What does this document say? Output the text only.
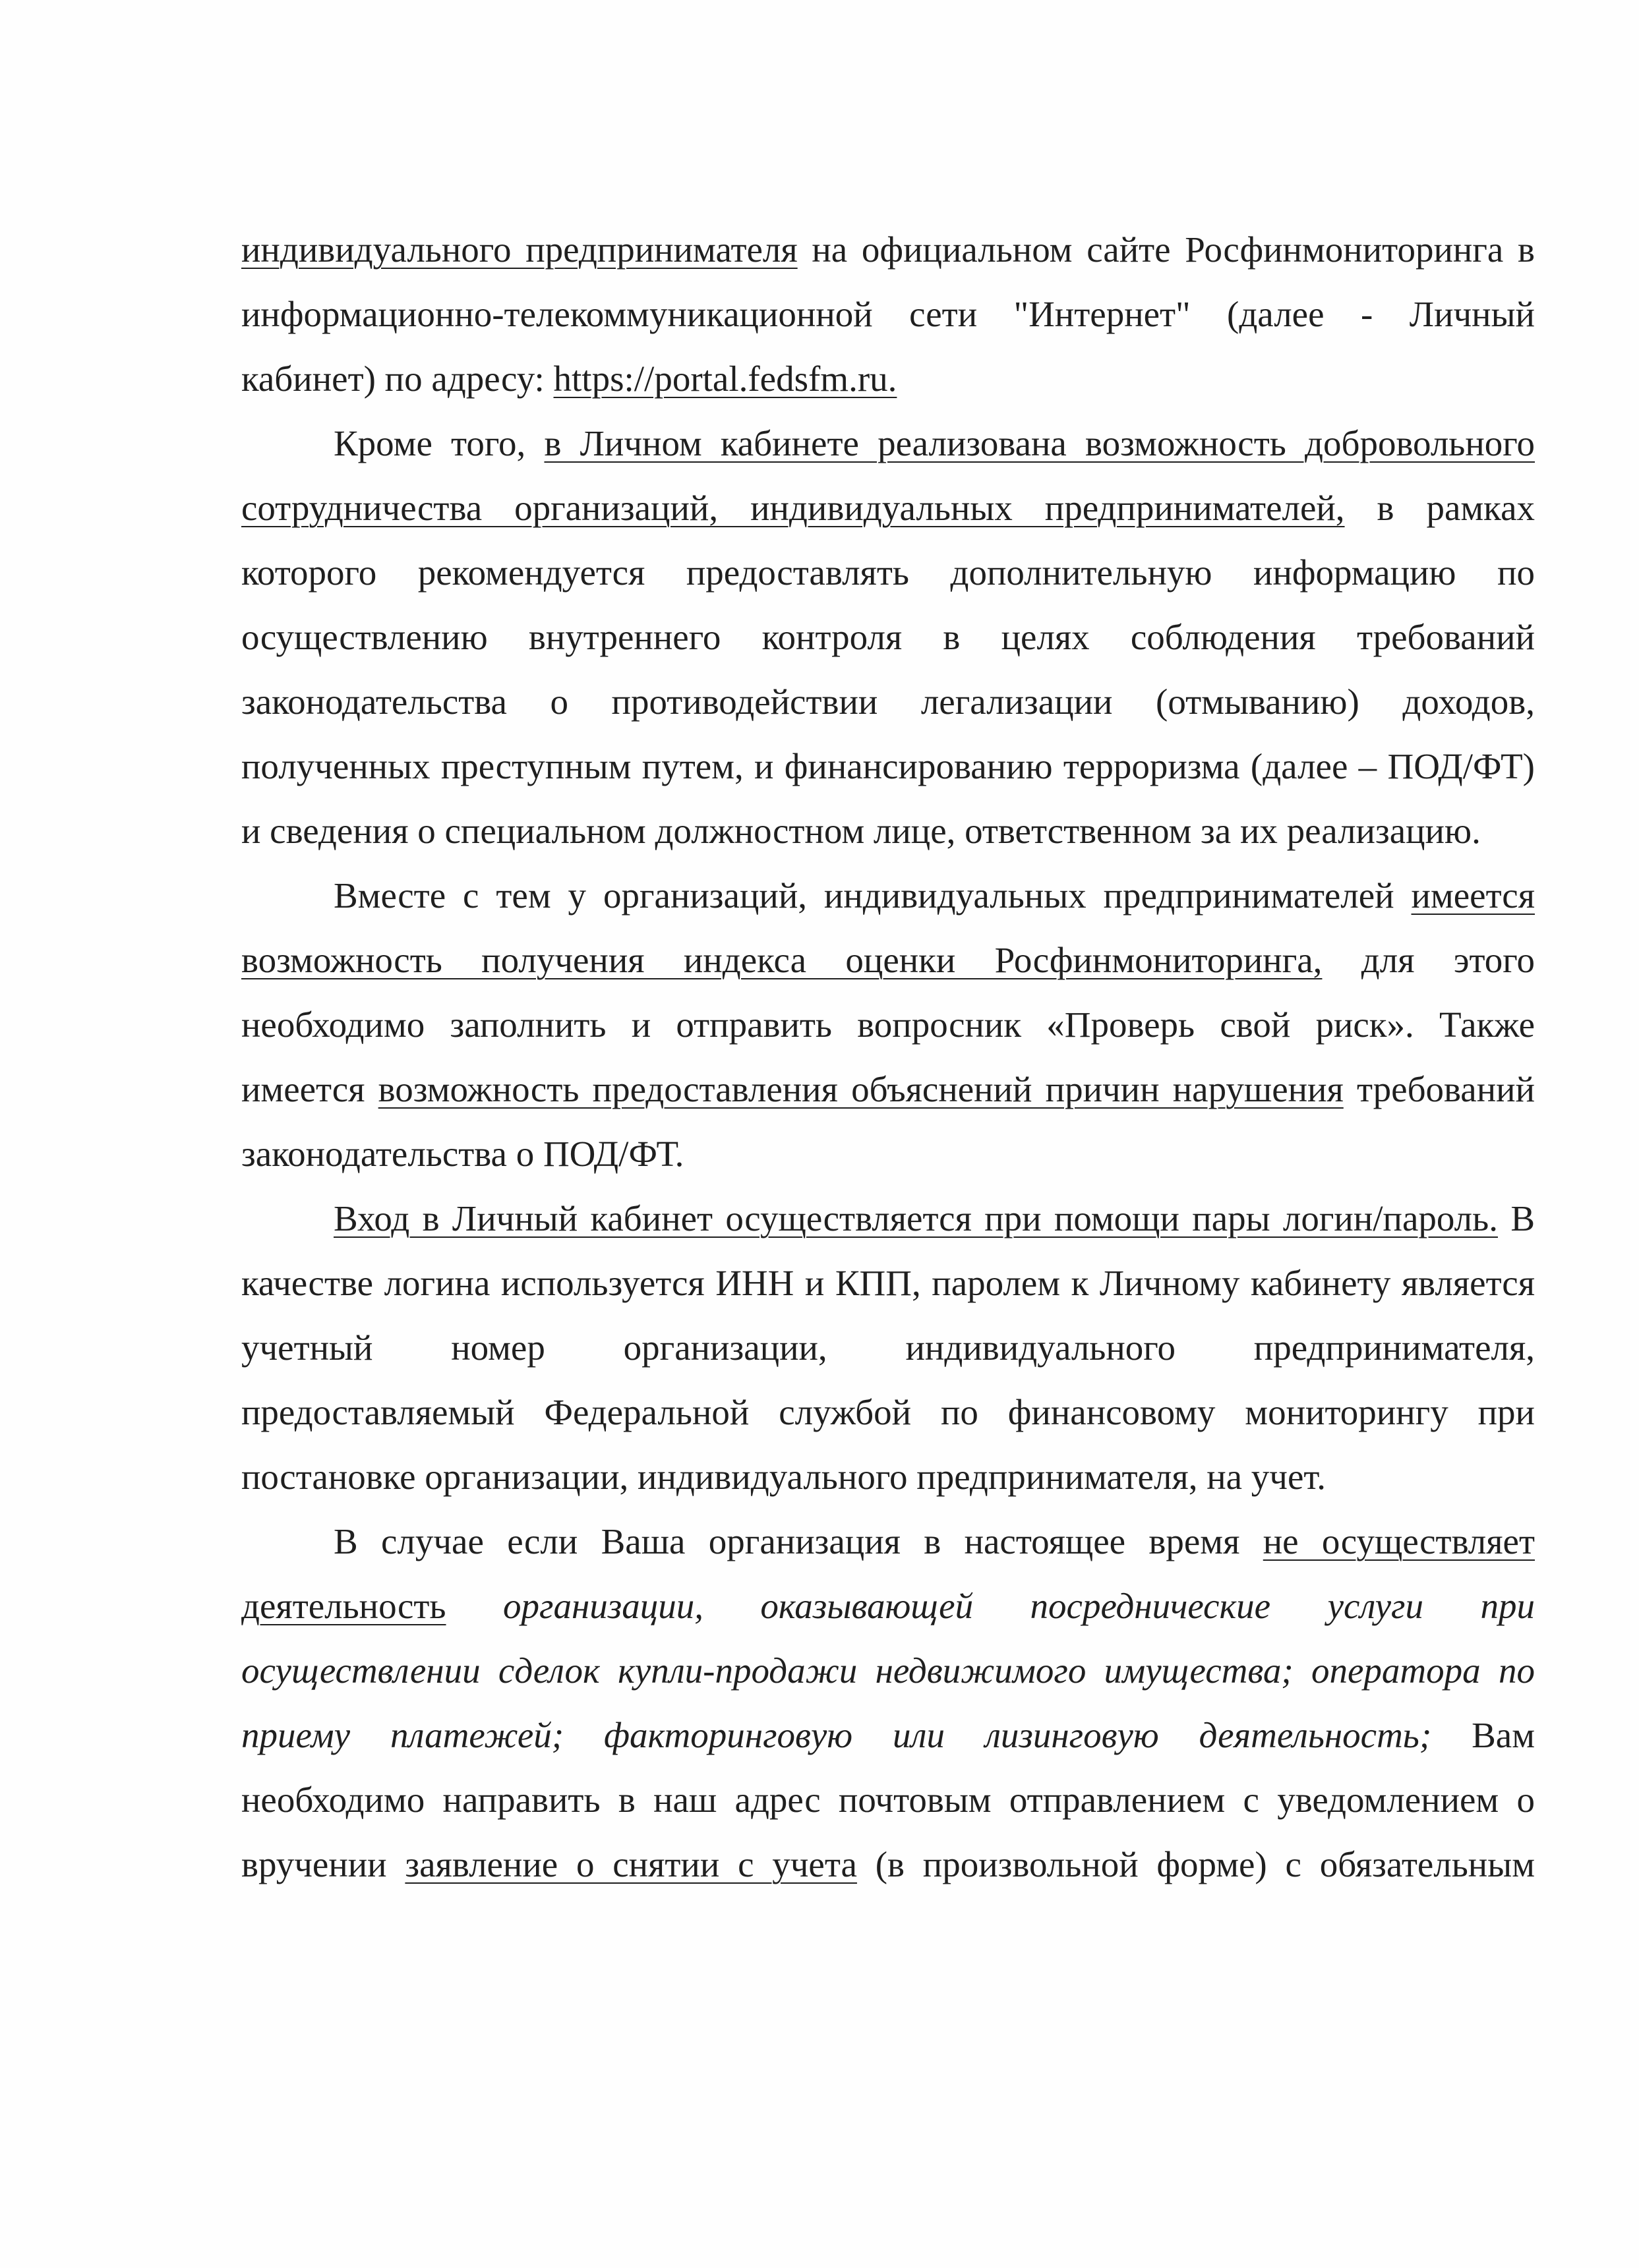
индивидуального предпринимателя на официальном сайте Росфинмониторинга в информационно-телекоммуникационной сети "Интернет" (далее - Личный кабинет) по адресу: https://portal.fedsfm.ru.

Кроме того, в Личном кабинете реализована возможность добровольного сотрудничества организаций, индивидуальных предпринимателей, в рамках которого рекомендуется предоставлять дополнительную информацию по осуществлению внутреннего контроля в целях соблюдения требований законодательства о противодействии легализации (отмыванию) доходов, полученных преступным путем, и финансированию терроризма (далее – ПОД/ФТ) и сведения о специальном должностном лице, ответственном за их реализацию.

Вместе с тем у организаций, индивидуальных предпринимателей имеется возможность получения индекса оценки Росфинмониторинга, для этого необходимо заполнить и отправить вопросник «Проверь свой риск». Также имеется возможность предоставления объяснений причин нарушения требований законодательства о ПОД/ФТ.

Вход в Личный кабинет осуществляется при помощи пары логин/пароль. В качестве логина используется ИНН и КПП, паролем к Личному кабинету является учетный номер организации, индивидуального предпринимателя, предоставляемый Федеральной службой по финансовому мониторингу при постановке организации, индивидуального предпринимателя, на учет.

В случае если Ваша организация в настоящее время не осуществляет деятельность организации, оказывающей посреднические услуги при осуществлении сделок купли-продажи недвижимого имущества; оператора по приему платежей; факторинговую или лизинговую деятельность; Вам необходимо направить в наш адрес почтовым отправлением с уведомлением о вручении заявление о снятии с учета (в произвольной форме) с обязательным
